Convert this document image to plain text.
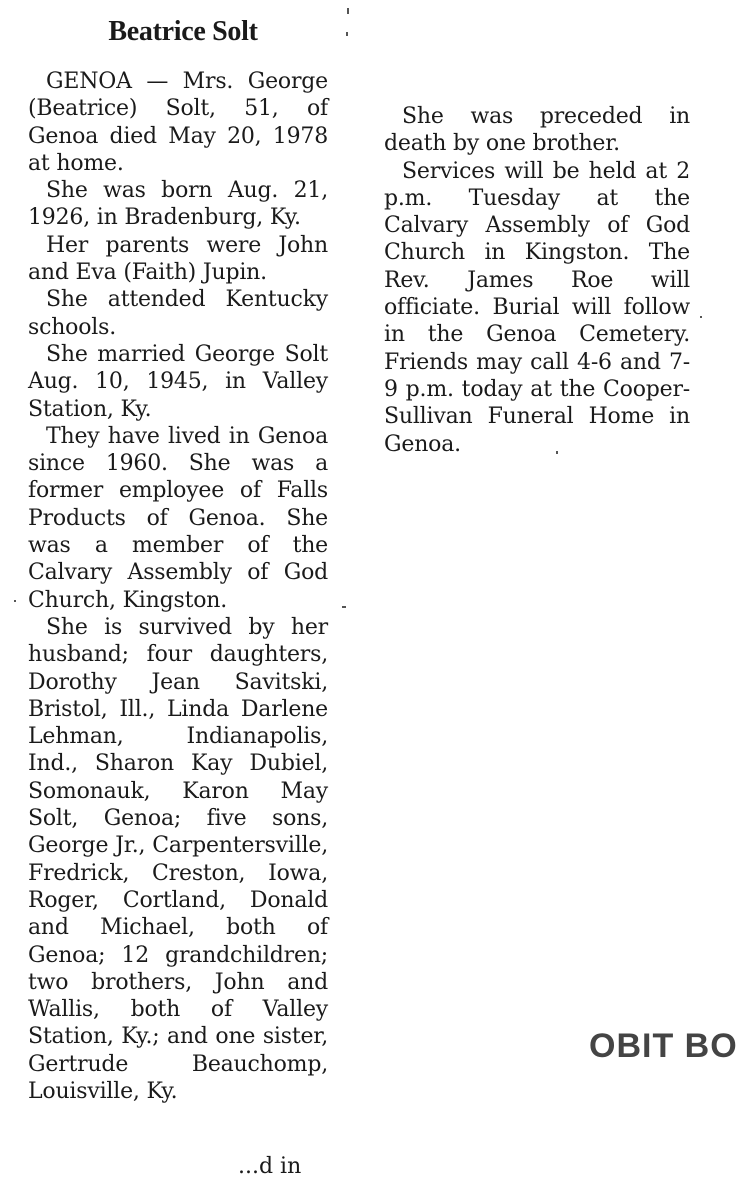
Beatrice Solt

GENOA — Mrs. George (Beatrice) Solt, 51, of Genoa died May 20, 1978 at home.

She was born Aug. 21, 1926, in Bradenburg, Ky.

Her parents were John and Eva (Faith) Jupin.

She attended Kentucky schools.

She married George Solt Aug. 10, 1945, in Valley Station, Ky.

They have lived in Genoa since 1960. She was a former employee of Falls Products of Genoa. She was a member of the Calvary Assembly of God Church, Kingston.

She is survived by her husband; four daughters, Dorothy Jean Savitski, Bristol, Ill., Linda Darlene Lehman, Indianapolis, Ind., Sharon Kay Dubiel, Somonauk, Karon May Solt, Genoa; five sons, George Jr., Carpentersville, Fredrick, Creston, Iowa, Roger, Cortland, Donald and Michael, both of Genoa; 12 grandchildren; two brothers, John and Wallis, both of Valley Station, Ky.; and one sister, Gertrude Beauchomp, Louisville, Ky.

...d in

She was preceded in death by one brother.

Services will be held at 2 p.m. Tuesday at the Calvary Assembly of God Church in Kingston. The Rev. James Roe will officiate. Burial will follow in the Genoa Cemetery. Friends may call 4-6 and 7-9 p.m. today at the Cooper-Sullivan Funeral Home in Genoa.

OBIT BO
